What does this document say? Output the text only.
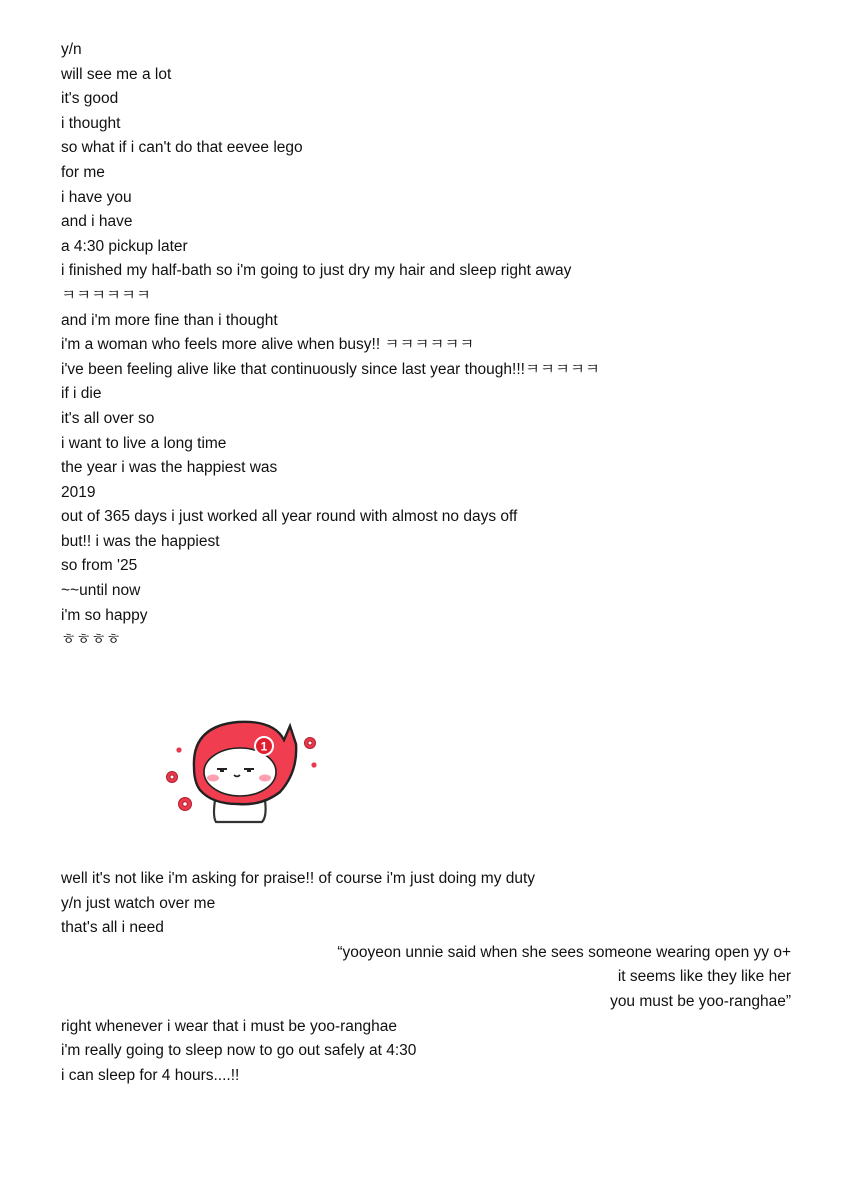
y/n
will see me a lot
it's good
i thought
so what if i can't do that eevee lego
for me
i have you
and i have
a 4:30 pickup later
i finished my half-bath so i'm going to just dry my hair and sleep right away
ㅋㅋㅋㅋㅋㅋ
and i'm more fine than i thought
i'm a woman who feels more alive when busy!! ㅋㅋㅋㅋㅋㅋ
i've been feeling alive like that continuously since last year though!!!ㅋㅋㅋㅋㅋ
if i die
it's all over so
i want to live a long time
the year i was the happiest was
2019
out of 365 days i just worked all year round with almost no days off
but!! i was the happiest
so from '25
~~until now
i'm so happy
ㅎㅎㅎㅎ
1
well it's not like i'm asking for praise!! of course i'm just doing my duty
y/n just watch over me
that's all i need
“yooyeon unnie said when she sees someone wearing open yy o+
it seems like they like her
you must be yoo-ranghae”
right whenever i wear that i must be yoo-ranghae
i'm really going to sleep now to go out safely at 4:30
i can sleep for 4 hours....!!
